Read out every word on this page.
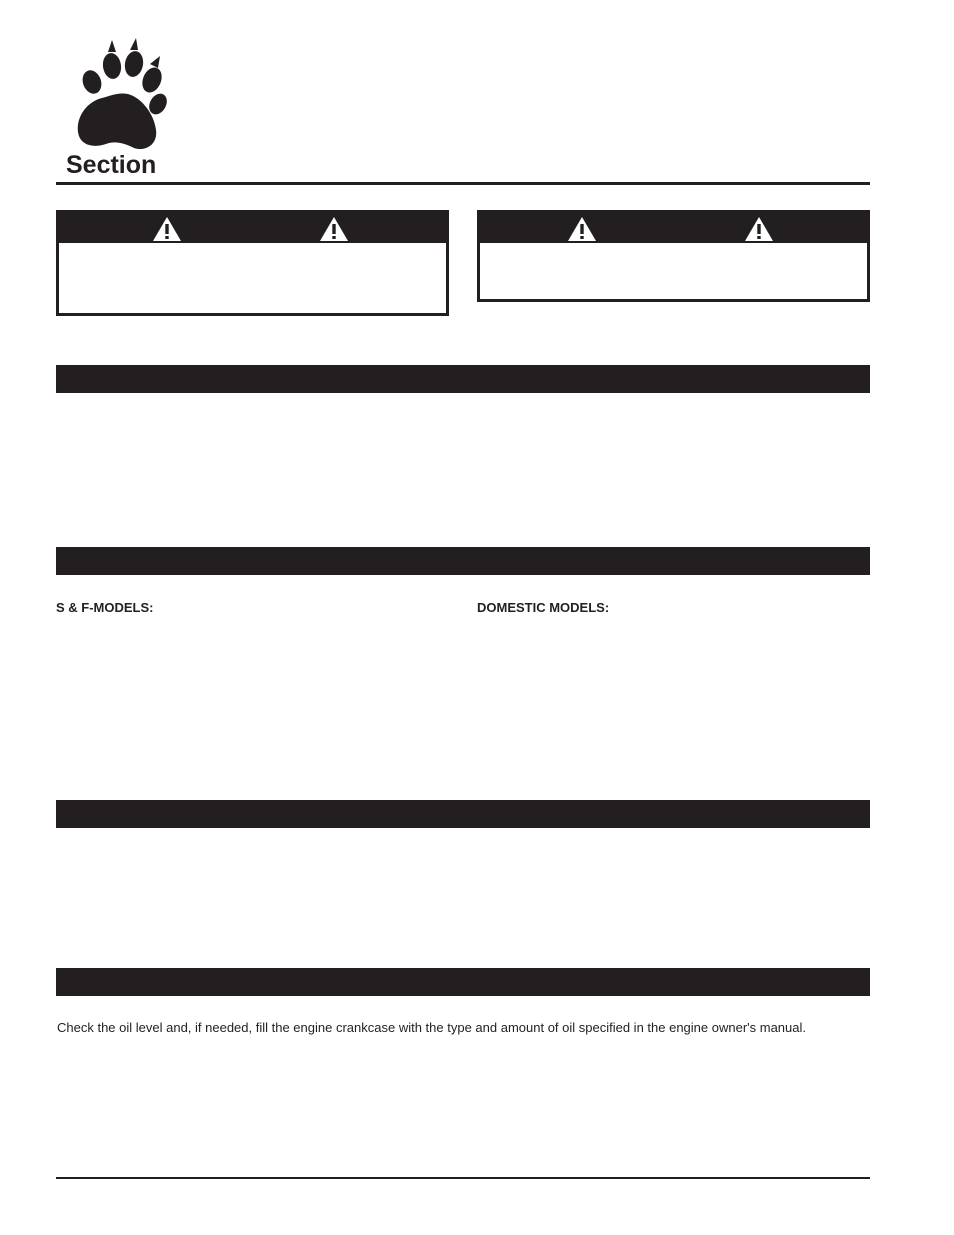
Section
S & F-MODELS:	DOMESTIC MODELS:
Check the oil level and, if needed, fill the engine crankcase with the type and amount of oil specified in the engine owner's manual.
